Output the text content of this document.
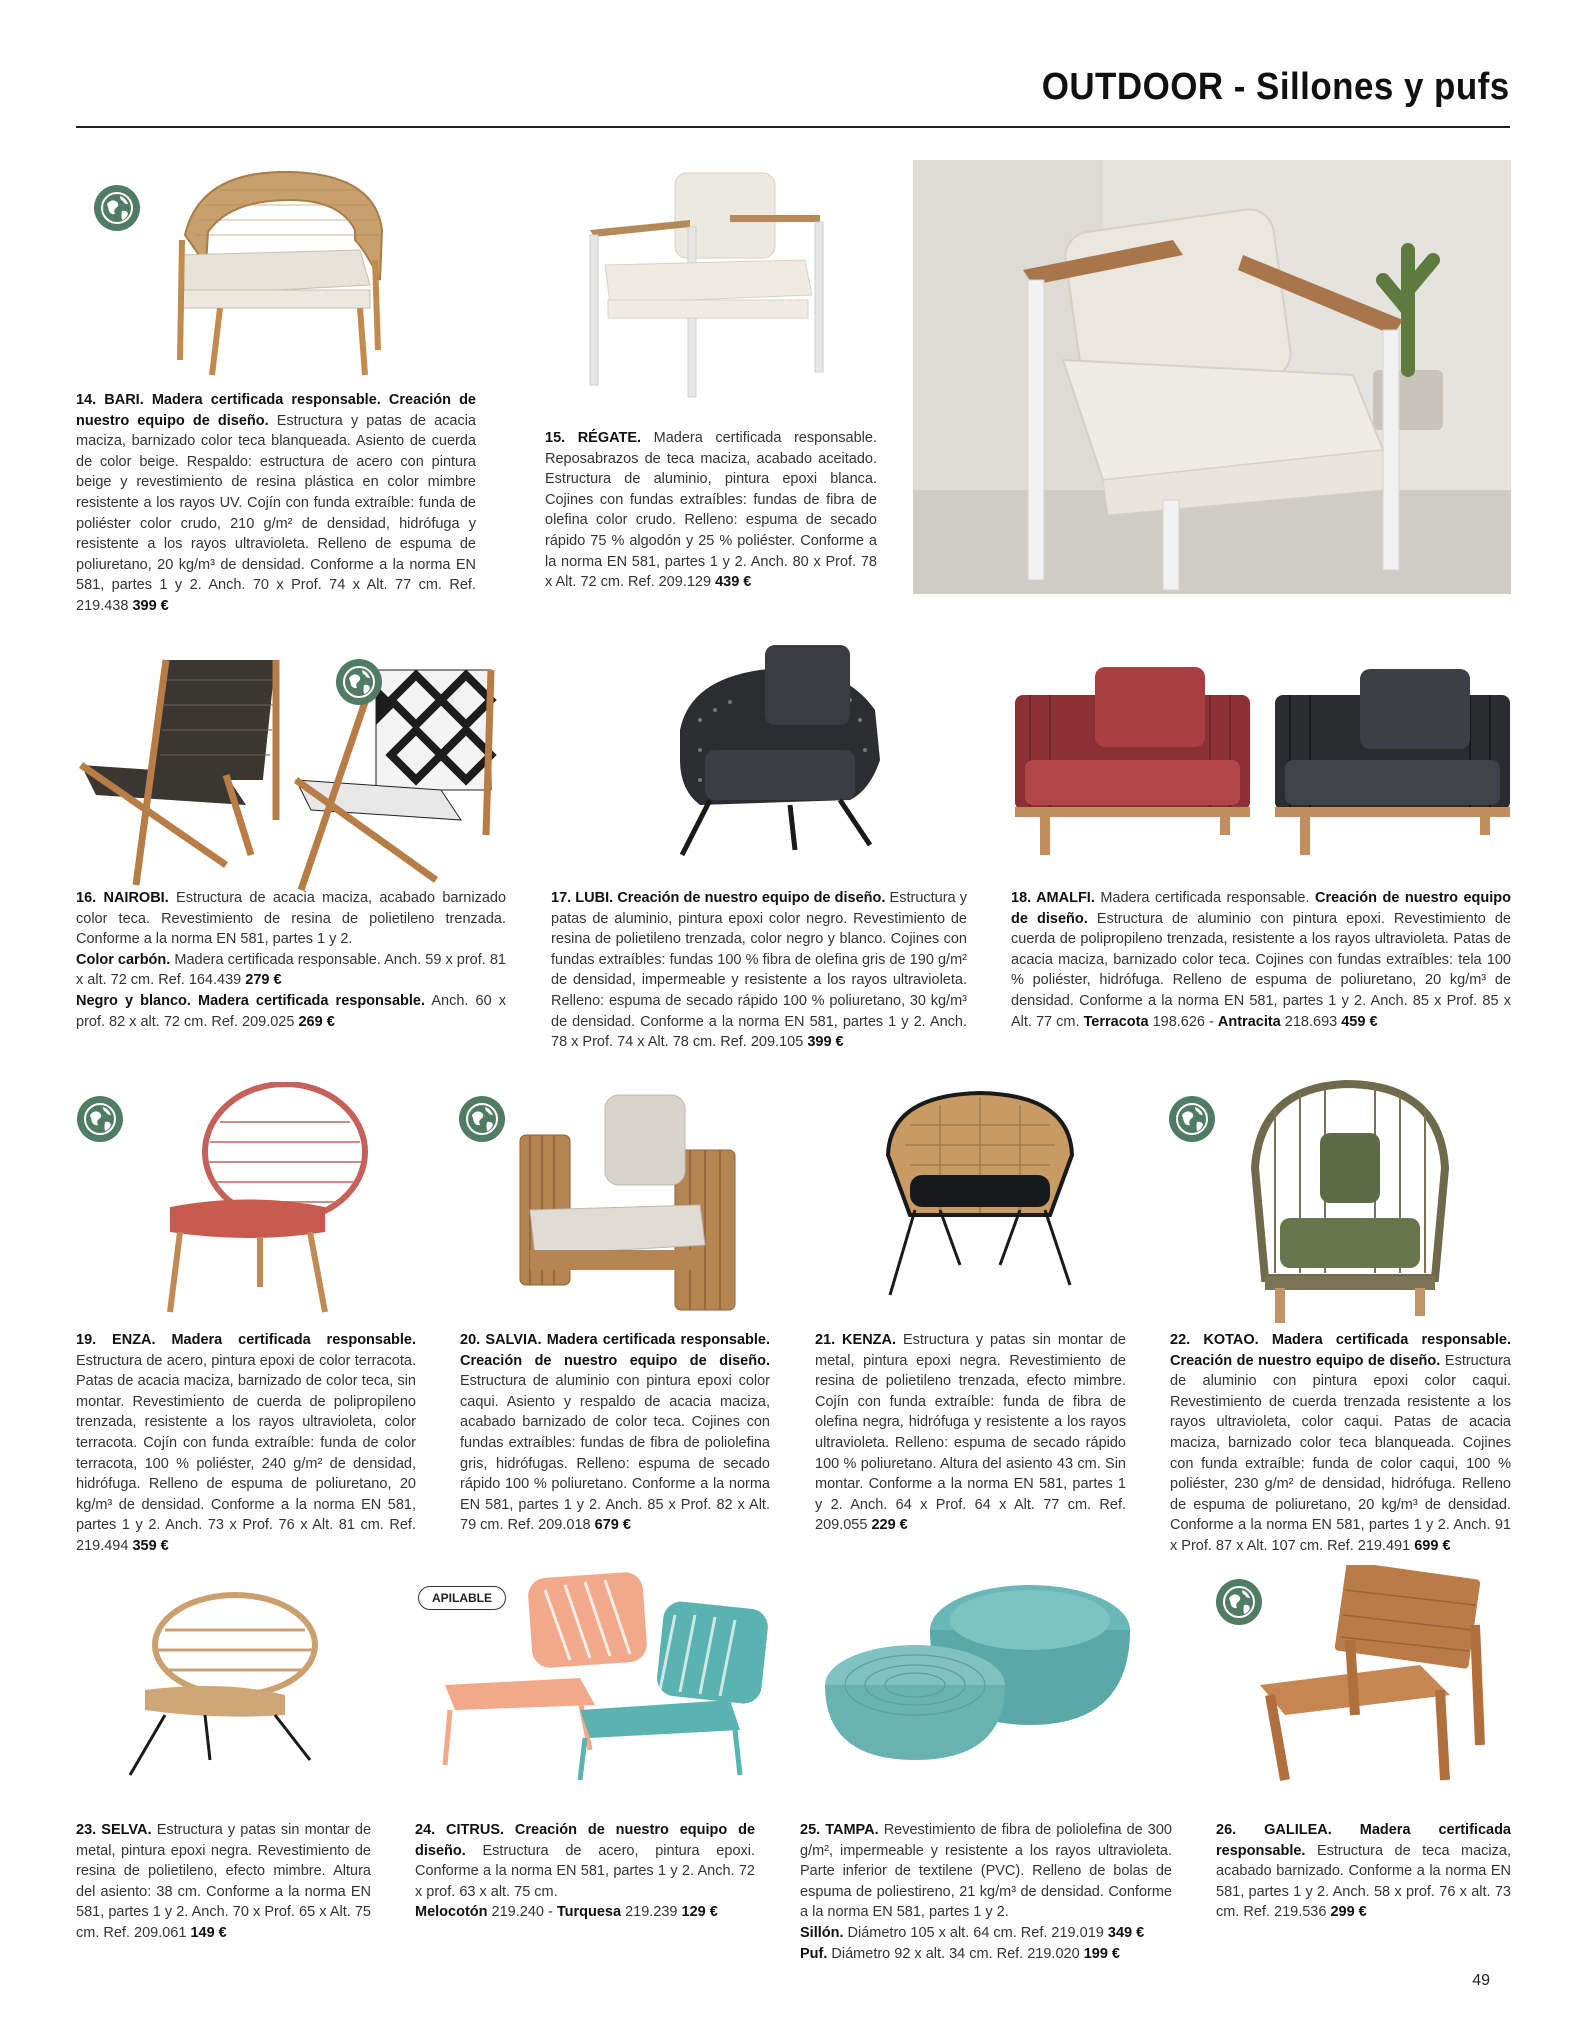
OUTDOOR - Sillones y pufs
14. BARI. Madera certificada responsable. Creación de nuestro equipo de diseño. Estructura y patas de acacia maciza, barnizado color teca blanqueada. Asiento de cuerda de color beige. Respaldo: estructura de acero con pintura beige y revestimiento de resina plástica en color mimbre resistente a los rayos UV. Cojín con funda extraíble: funda de poliéster color crudo, 210 g/m² de densidad, hidrófuga y resistente a los rayos ultravioleta. Relleno de espuma de poliuretano, 20 kg/m³ de densidad. Conforme a la norma EN 581, partes 1 y 2. Anch. 70 x Prof. 74 x Alt. 77 cm. Ref. 219.438 399 €
15. RÉGATE. Madera certificada responsable. Reposabrazos de teca maciza, acabado aceitado. Estructura de aluminio, pintura epoxi blanca. Cojines con fundas extraíbles: fundas de fibra de olefina color crudo. Relleno: espuma de secado rápido 75 % algodón y 25 % poliéster. Conforme a la norma EN 581, partes 1 y 2. Anch. 80 x Prof. 78 x Alt. 72 cm. Ref. 209.129 439 €
16. NAIROBI. Estructura de acacia maciza, acabado barnizado color teca. Revestimiento de resina de polietileno trenzada. Conforme a la norma EN 581, partes 1 y 2.
Color carbón. Madera certificada responsable. Anch. 59 x prof. 81 x alt. 72 cm. Ref. 164.439 279 €
Negro y blanco. Madera certificada responsable. Anch. 60 x prof. 82 x alt. 72 cm. Ref. 209.025 269 €
17. LUBI. Creación de nuestro equipo de diseño. Estructura y patas de aluminio, pintura epoxi color negro. Revestimiento de resina de polietileno trenzada, color negro y blanco. Cojines con fundas extraíbles: fundas 100 % fibra de olefina gris de 190 g/m² de densidad, impermeable y resistente a los rayos ultravioleta. Relleno: espuma de secado rápido 100 % poliuretano, 30 kg/m³ de densidad. Conforme a la norma EN 581, partes 1 y 2. Anch. 78 x Prof. 74 x Alt. 78 cm. Ref. 209.105 399 €
18. AMALFI. Madera certificada responsable. Creación de nuestro equipo de diseño. Estructura de aluminio con pintura epoxi. Revestimiento de cuerda de polipropileno trenzada, resistente a los rayos ultravioleta. Patas de acacia maciza, barnizado color teca. Cojines con fundas extraíbles: tela 100 % poliéster, hidrófuga. Relleno de espuma de poliuretano, 20 kg/m³ de densidad. Conforme a la norma EN 581, partes 1 y 2. Anch. 85 x Prof. 85 x Alt. 77 cm. Terracota 198.626 - Antracita 218.693 459 €
19. ENZA. Madera certificada responsable. Estructura de acero, pintura epoxi de color terracota. Patas de acacia maciza, barnizado de color teca, sin montar. Revestimiento de cuerda de polipropileno trenzada, resistente a los rayos ultravioleta, color terracota. Cojín con funda extraíble: funda de color terracota, 100 % poliéster, 240 g/m² de densidad, hidrófuga. Relleno de espuma de poliuretano, 20 kg/m³ de densidad. Conforme a la norma EN 581, partes 1 y 2. Anch. 73 x Prof. 76 x Alt. 81 cm. Ref. 219.494 359 €
20. SALVIA. Madera certificada responsable. Creación de nuestro equipo de diseño. Estructura de aluminio con pintura epoxi color caqui. Asiento y respaldo de acacia maciza, acabado barnizado de color teca. Cojines con fundas extraíbles: fundas de fibra de poliolefina gris, hidrófugas. Relleno: espuma de secado rápido 100 % poliuretano. Conforme a la norma EN 581, partes 1 y 2. Anch. 85 x Prof. 82 x Alt. 79 cm. Ref. 209.018 679 €
21. KENZA. Estructura y patas sin montar de metal, pintura epoxi negra. Revestimiento de resina de polietileno trenzada, efecto mimbre. Cojín con funda extraíble: funda de fibra de olefina negra, hidrófuga y resistente a los rayos ultravioleta. Relleno: espuma de secado rápido 100 % poliuretano. Altura del asiento 43 cm. Sin montar. Conforme a la norma EN 581, partes 1 y 2. Anch. 64 x Prof. 64 x Alt. 77 cm. Ref. 209.055 229 €
22. KOTAO. Madera certificada responsable. Creación de nuestro equipo de diseño. Estructura de aluminio con pintura epoxi color caqui. Revestimiento de cuerda trenzada resistente a los rayos ultravioleta, color caqui. Patas de acacia maciza, barnizado color teca blanqueada. Cojines con funda extraíble: funda de color caqui, 100 % poliéster, 230 g/m² de densidad, hidrófuga. Relleno de espuma de poliuretano, 20 kg/m³ de densidad. Conforme a la norma EN 581, partes 1 y 2. Anch. 91 x Prof. 87 x Alt. 107 cm. Ref. 219.491 699 €
APILABLE
23. SELVA. Estructura y patas sin montar de metal, pintura epoxi negra. Revestimiento de resina de polietileno, efecto mimbre. Altura del asiento: 38 cm. Conforme a la norma EN 581, partes 1 y 2. Anch. 70 x Prof. 65 x Alt. 75 cm. Ref. 209.061 149 €
24. CITRUS. Creación de nuestro equipo de diseño. Estructura de acero, pintura epoxi. Conforme a la norma EN 581, partes 1 y 2. Anch. 72 x prof. 63 x alt. 75 cm.
Melocotón 219.240 - Turquesa 219.239 129 €
25. TAMPA. Revestimiento de fibra de poliolefina de 300 g/m², impermeable y resistente a los rayos ultravioleta. Parte inferior de textilene (PVC). Relleno de bolas de espuma de poliestireno, 21 kg/m³ de densidad. Conforme a la norma EN 581, partes 1 y 2.
Sillón. Diámetro 105 x alt. 64 cm. Ref. 219.019 349 €
Puf. Diámetro 92 x alt. 34 cm. Ref. 219.020 199 €
26. GALILEA. Madera certificada responsable. Estructura de teca maciza, acabado barnizado. Conforme a la norma EN 581, partes 1 y 2. Anch. 58 x prof. 76 x alt. 73 cm. Ref. 219.536 299 €
49
